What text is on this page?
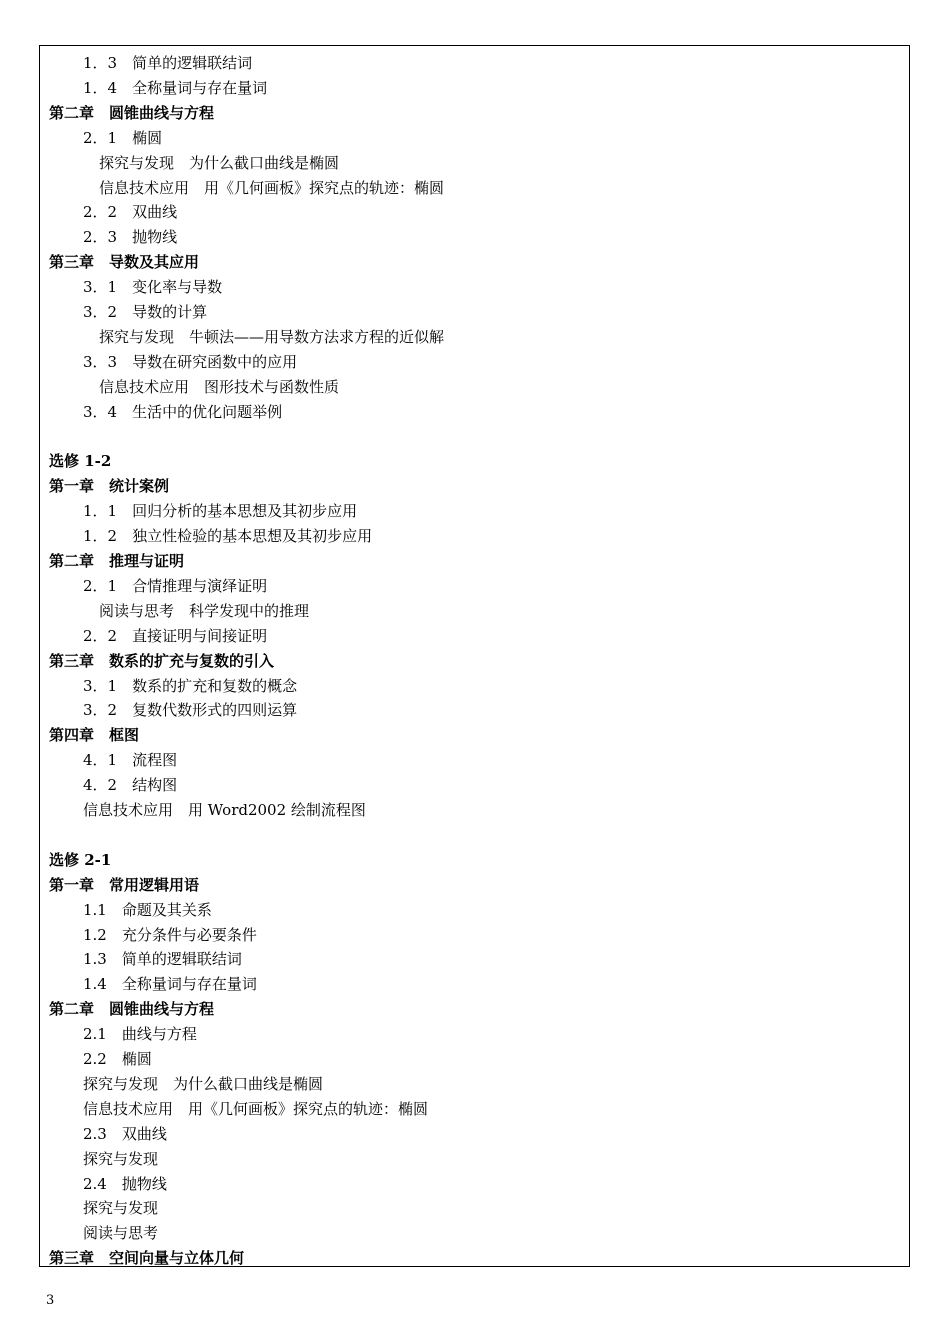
1．3　简单的逻辑联结词
1．4　全称量词与存在量词
第二章　圆锥曲线与方程
2．1　椭圆
探究与发现　为什么截口曲线是椭圆
信息技术应用　用《几何画板》探究点的轨迹：椭圆
2．2　双曲线
2．3　抛物线
第三章　导数及其应用
3．1　变化率与导数
3．2　导数的计算
探究与发现　牛顿法——用导数方法求方程的近似解
3．3　导数在研究函数中的应用
信息技术应用　图形技术与函数性质
3．4　生活中的优化问题举例
选修 1-2
第一章　统计案例
1．1　回归分析的基本思想及其初步应用
1．2　独立性检验的基本思想及其初步应用
第二章　推理与证明
2．1　合情推理与演绎证明
阅读与思考　科学发现中的推理
2．2　直接证明与间接证明
第三章　数系的扩充与复数的引入
3．1　数系的扩充和复数的概念
3．2　复数代数形式的四则运算
第四章　框图
4．1　流程图
4．2　结构图
信息技术应用　用 Word2002 绘制流程图
选修 2-1
第一章　常用逻辑用语
1.1　命题及其关系
1.2　充分条件与必要条件
1.3　简单的逻辑联结词
1.4　全称量词与存在量词
第二章　圆锥曲线与方程
2.1　曲线与方程
2.2　椭圆
探究与发现　为什么截口曲线是椭圆
信息技术应用　用《几何画板》探究点的轨迹：椭圆
2.3　双曲线
探究与发现
2.4　抛物线
探究与发现
阅读与思考
第三章　空间向量与立体几何
3
